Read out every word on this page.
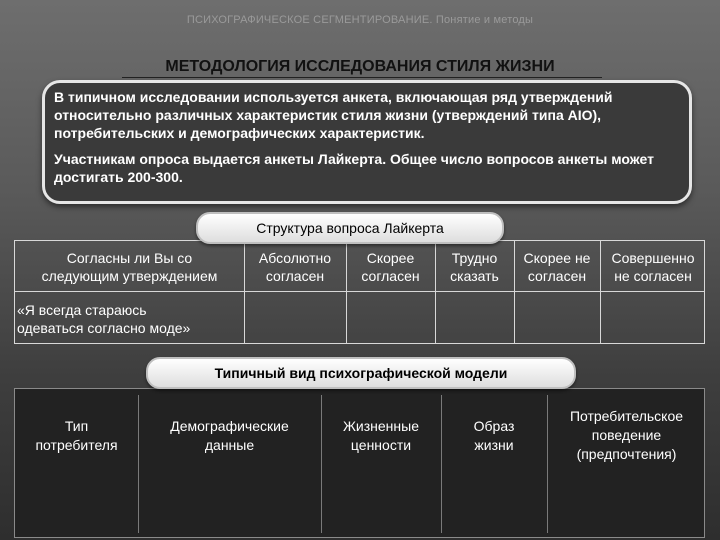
ПСИХОГРАФИЧЕСКОЕ СЕГМЕНТИРОВАНИЕ. Понятие и методы
МЕТОДОЛОГИЯ ИССЛЕДОВАНИЯ СТИЛЯ ЖИЗНИ

В типичном исследовании используется анкета, включающая ряд утверждений относительно различных характеристик стиля жизни (утверждений типа AIO), потребительских и демографических характеристик.

Участникам опроса выдается анкеты Лайкерта. Общее число вопросов анкеты может достигать 200-300.

Согласны ли Вы со
следующим утверждением
Абсолютно
согласен
Скорее
согласен
Трудно
сказать
Скорее не
согласен
Совершенно
не согласен
«Я всегда стараюсь
одеваться согласно моде»
Структура вопроса Лайкерта
Тип
потребителя
Демографические
данные
Жизненные
ценности
Образ
жизни
Потребительское
поведение
(предпочтения)
Типичный вид психографической модели
